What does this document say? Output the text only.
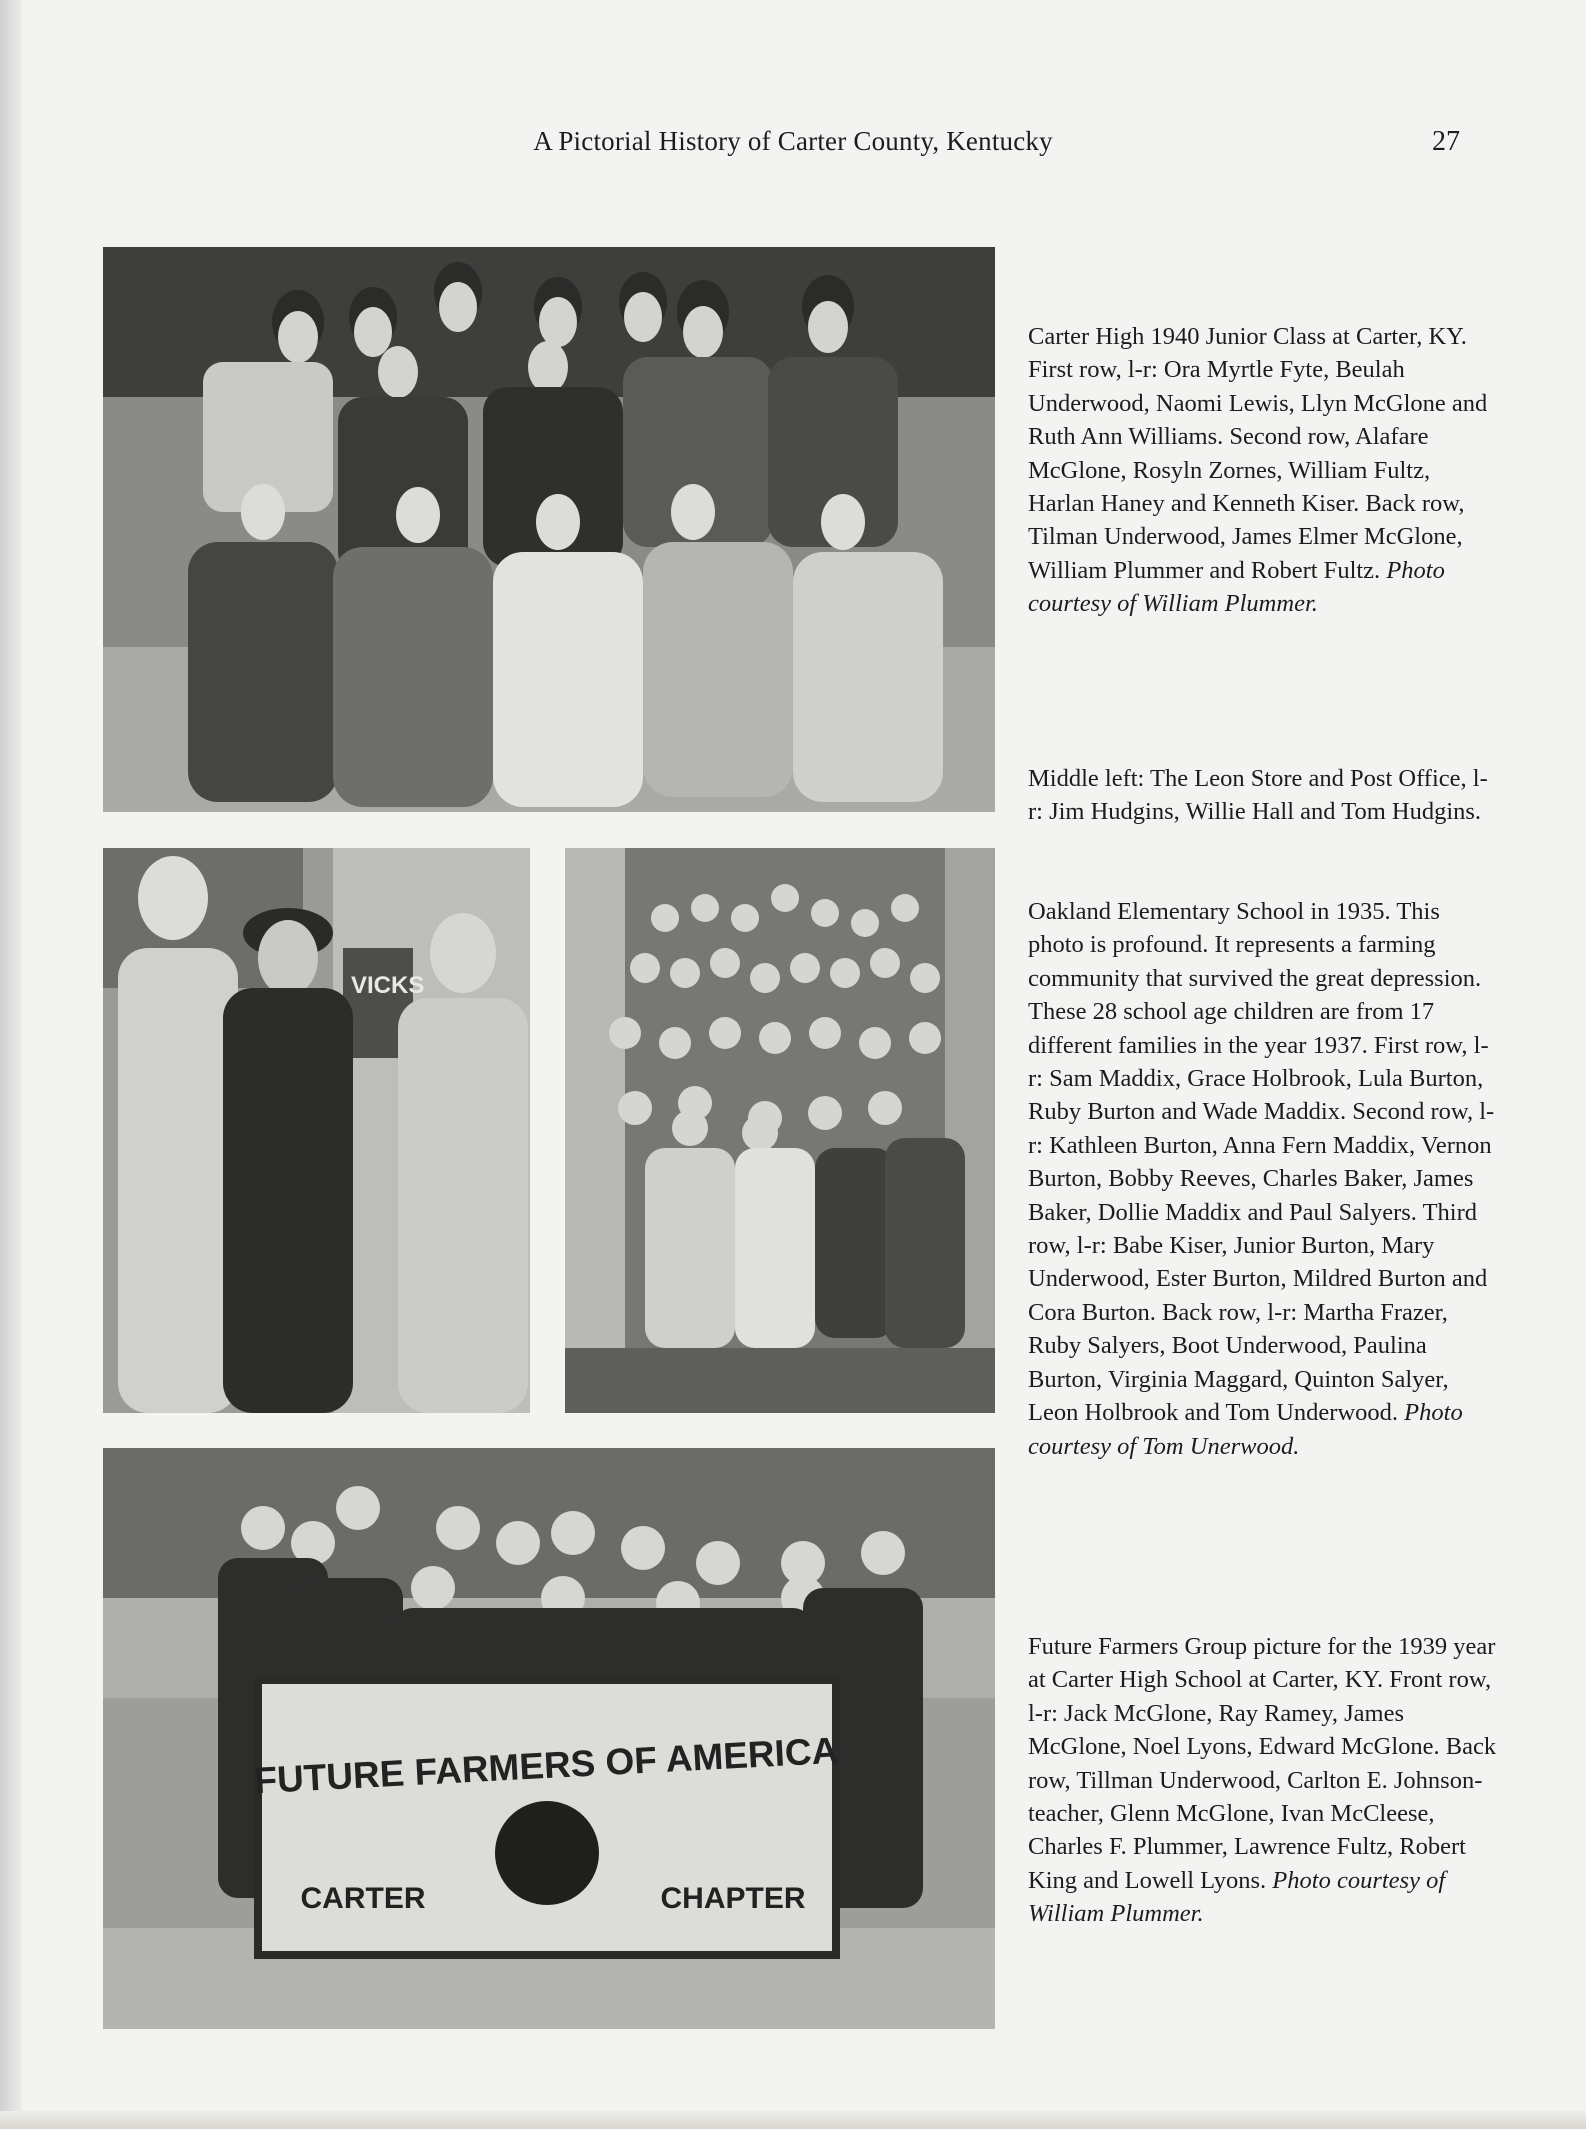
A Pictorial History of Carter County, Kentucky	27
VICKS
FUTURE FARMERS OF AMERICA
CARTER	CHAPTER
Carter High 1940 Junior Class at Carter, KY. First row, l-r: Ora Myrtle Fyte, Beulah Underwood, Naomi Lewis, Llyn McGlone and Ruth Ann Williams. Second row, Alafare McGlone, Rosyln Zornes, William Fultz, Harlan Haney and Kenneth Kiser. Back row, Tilman Underwood, James Elmer McGlone, William Plummer and Robert Fultz. Photo courtesy of William Plummer.
Middle left: The Leon Store and Post Office, l-r: Jim Hudgins, Willie Hall and Tom Hudgins.
Oakland Elementary School in 1935. This photo is profound. It represents a farming community that survived the great depression. These 28 school age children are from 17 different families in the year 1937. First row, l-r: Sam Maddix, Grace Holbrook, Lula Burton, Ruby Burton and Wade Maddix. Second row, l-r: Kathleen Burton, Anna Fern Maddix, Vernon Burton, Bobby Reeves, Charles Baker, James Baker, Dollie Maddix and Paul Salyers. Third row, l-r: Babe Kiser, Junior Burton, Mary Underwood, Ester Burton, Mildred Burton and Cora Burton. Back row, l-r: Martha Frazer, Ruby Salyers, Boot Underwood, Paulina Burton, Virginia Maggard, Quinton Salyer, Leon Holbrook and Tom Underwood. Photo courtesy of Tom Unerwood.
Future Farmers Group picture for the 1939 year at Carter High School at Carter, KY. Front row, l-r: Jack McGlone, Ray Ramey, James McGlone, Noel Lyons, Edward McGlone. Back row, Tillman Underwood, Carlton E. Johnson-teacher, Glenn McGlone, Ivan McCleese, Charles F. Plummer, Lawrence Fultz, Robert King and Lowell Lyons. Photo courtesy of William Plummer.
